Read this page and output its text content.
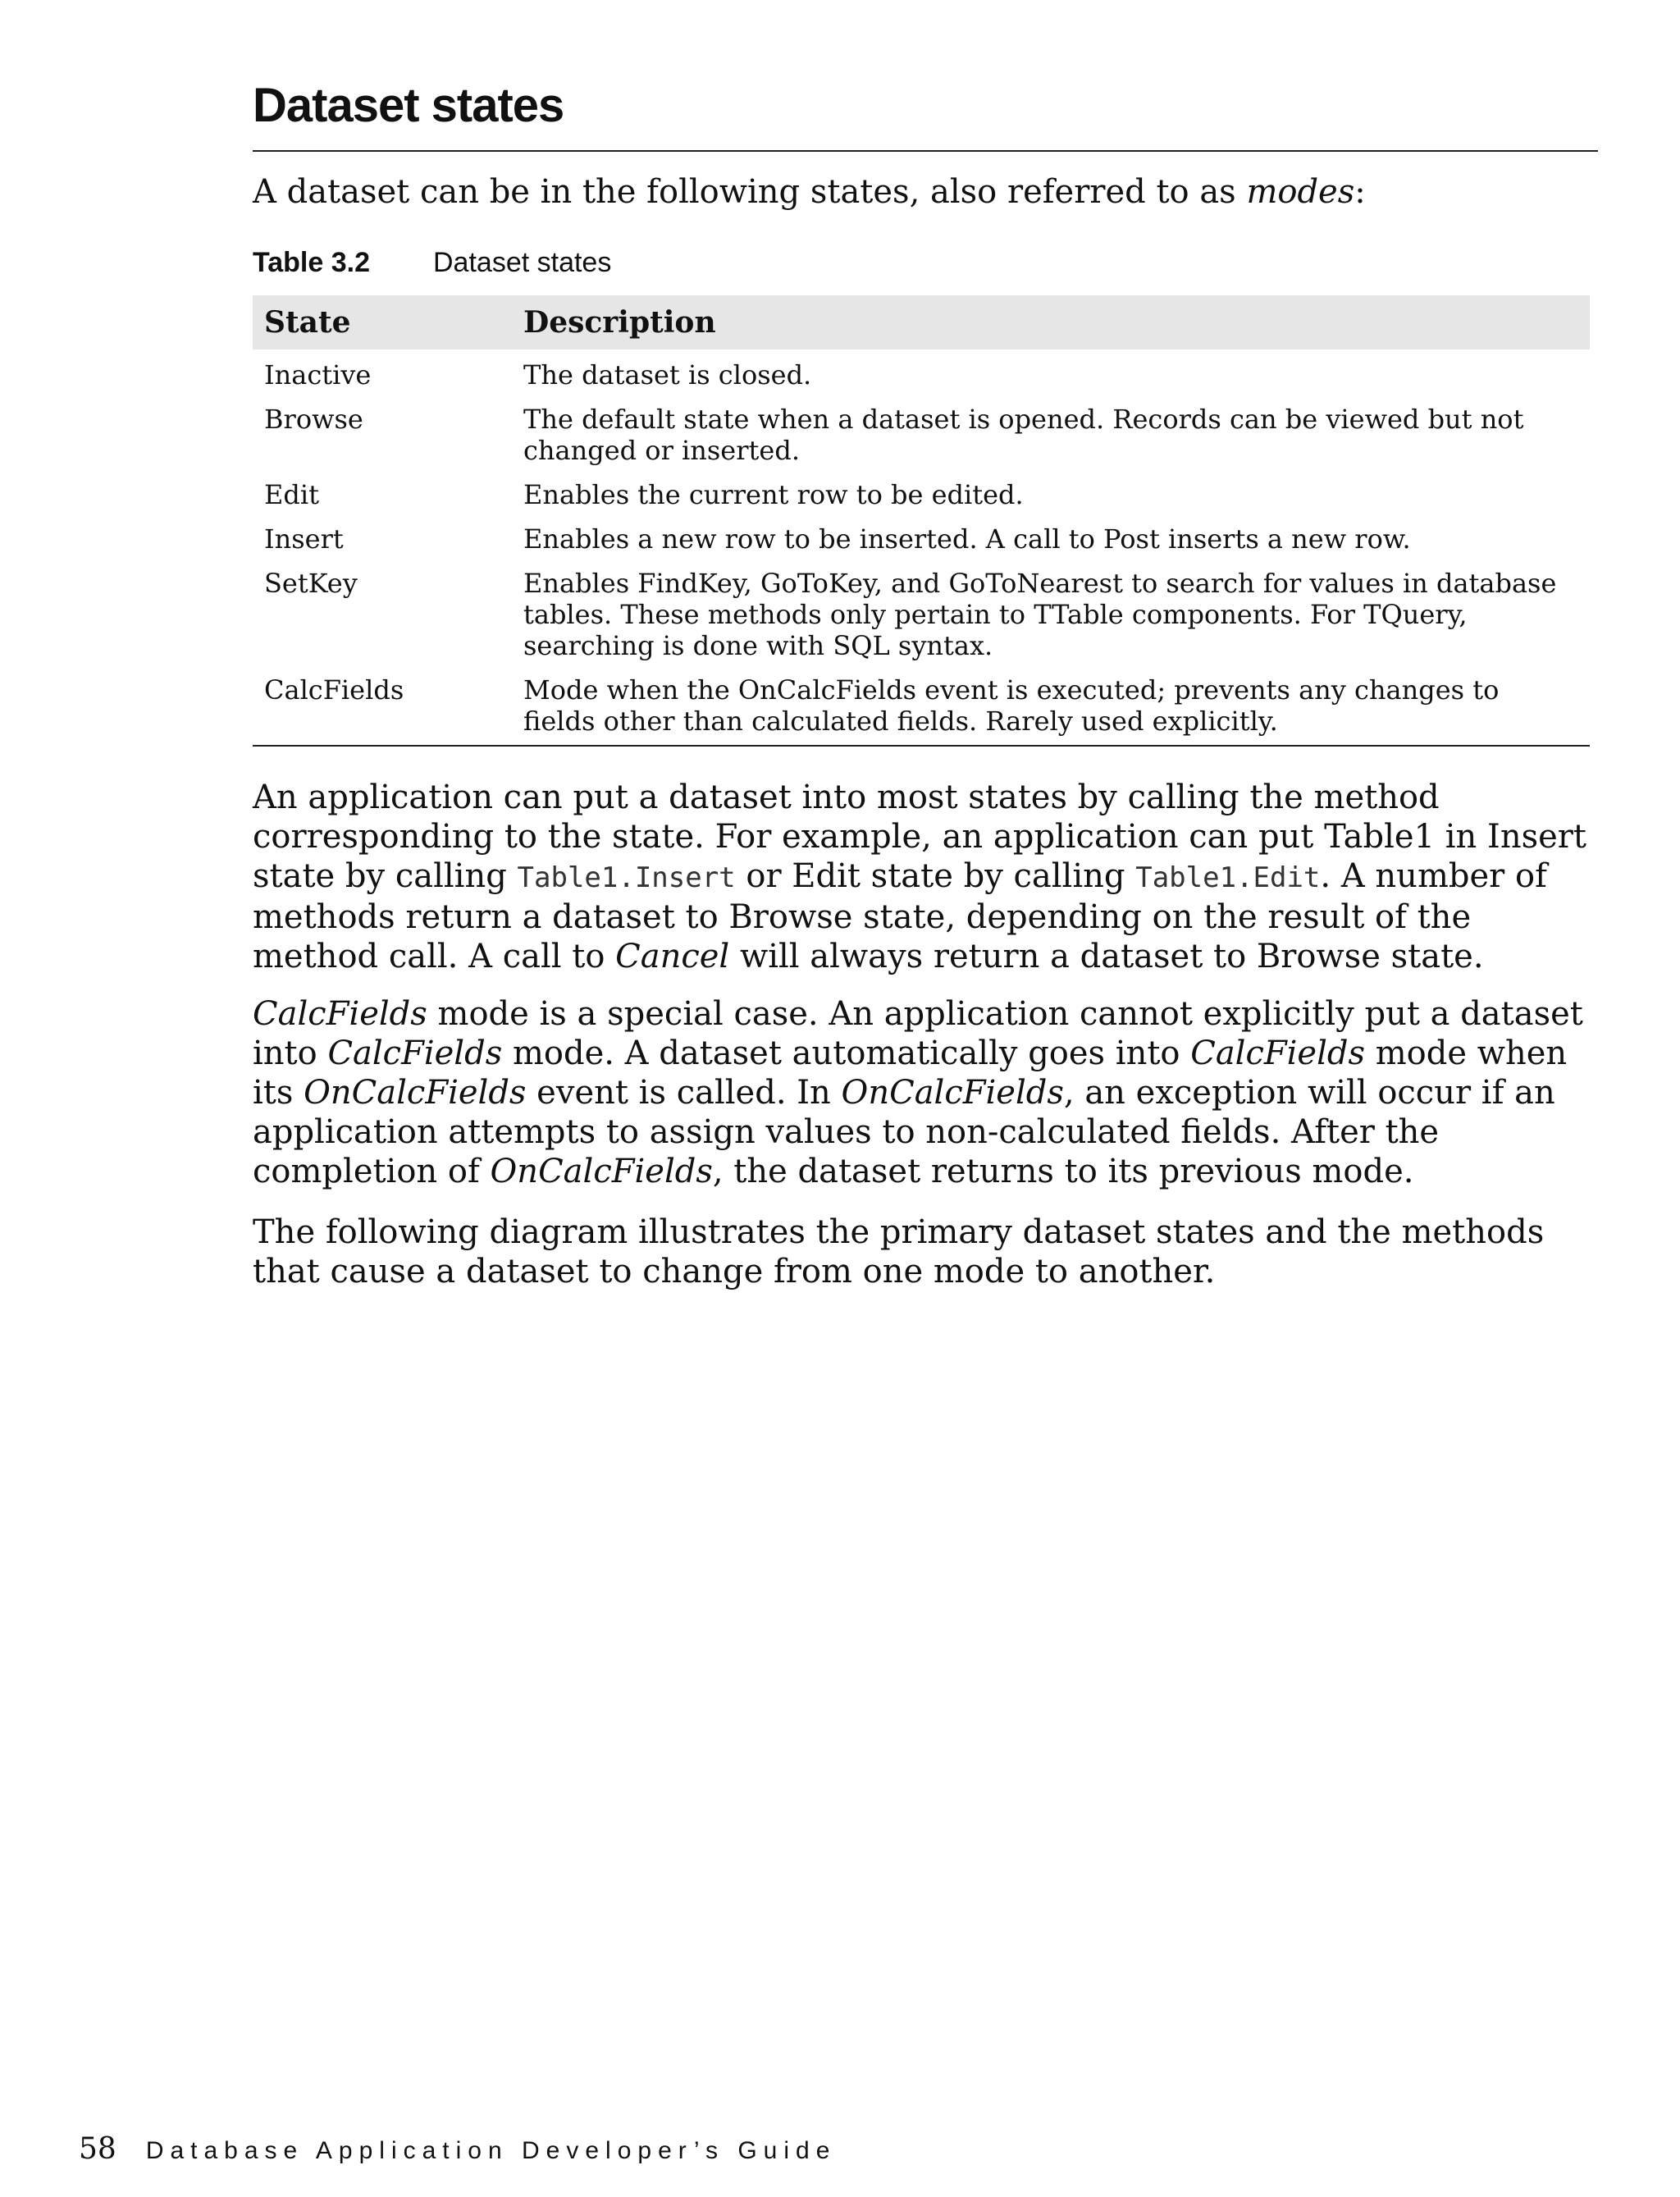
Dataset states
A dataset can be in the following states, also referred to as modes:
Table 3.2 Dataset states
State	Description
Inactive	The dataset is closed.
Browse	The default state when a dataset is opened. Records can be viewed but not changed or inserted.
Edit	Enables the current row to be edited.
Insert	Enables a new row to be inserted. A call to Post inserts a new row.
SetKey	Enables FindKey, GoToKey, and GoToNearest to search for values in database tables. These methods only pertain to TTable components. For TQuery, searching is done with SQL syntax.
CalcFields	Mode when the OnCalcFields event is executed; prevents any changes to fields other than calculated fields. Rarely used explicitly.

An application can put a dataset into most states by calling the method corresponding to the state. For example, an application can put Table1 in Insert state by calling Table1.Insert or Edit state by calling Table1.Edit. A number of methods return a dataset to Browse state, depending on the result of the method call. A call to Cancel will always return a dataset to Browse state.

CalcFields mode is a special case. An application cannot explicitly put a dataset into CalcFields mode. A dataset automatically goes into CalcFields mode when its OnCalcFields event is called. In OnCalcFields, an exception will occur if an application attempts to assign values to non-calculated fields. After the completion of OnCalcFields, the dataset returns to its previous mode.

The following diagram illustrates the primary dataset states and the methods that cause a dataset to change from one mode to another.

58 Database Application Developer’s Guide
